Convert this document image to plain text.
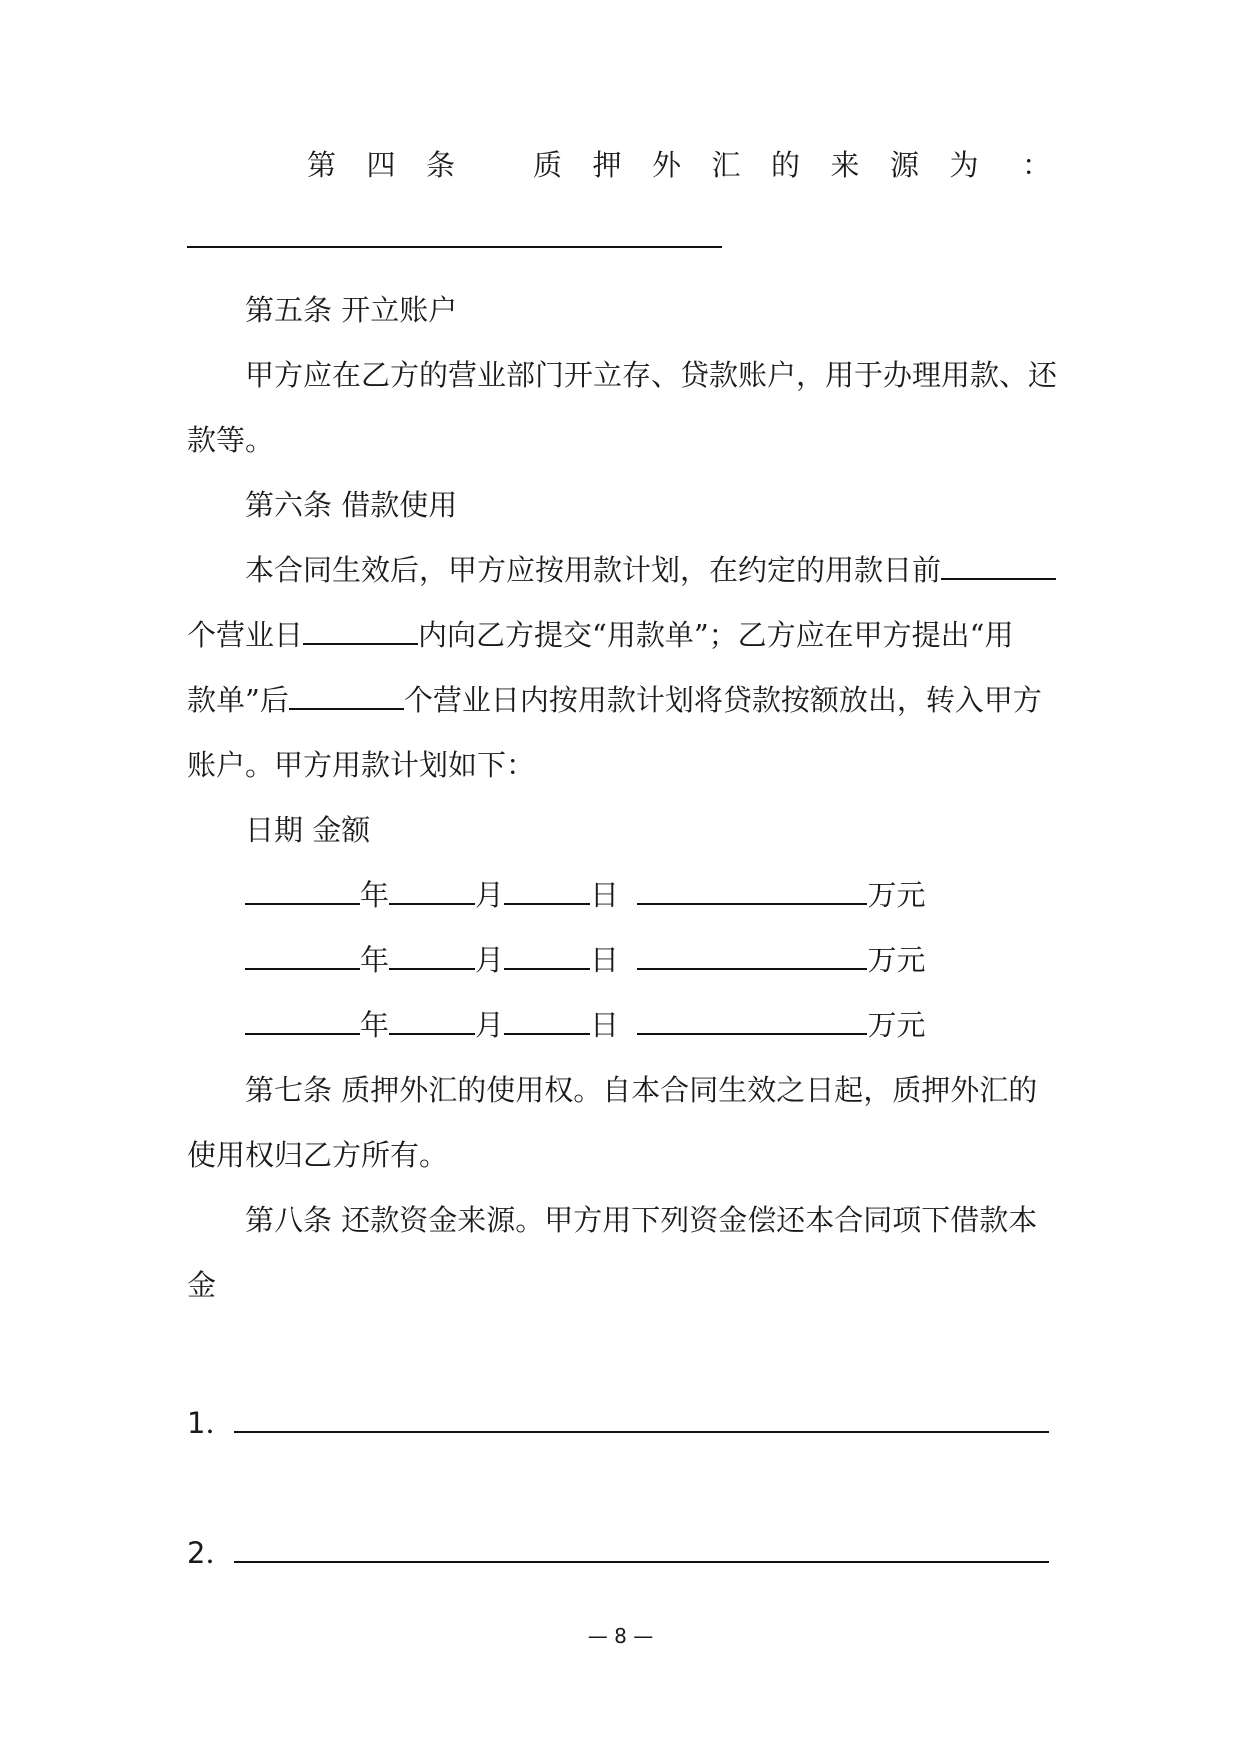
第四条 质押外汇的来源为 ：
第五条 开立账户
甲方应在乙方的营业部门开立存、贷款账户，用于办理用款、还
款等。
第六条 借款使用
本合同生效后，甲方应按用款计划，在约定的用款日前
个营业日	内向乙方提交“用款单”；乙方应在甲方提出“用
款单”后	个营业日内按用款计划将贷款按额放出，转入甲方
账户。甲方用款计划如下：
日期 金额
年	月	日	万元
年	月	日	万元
年	月	日	万元
第七条 质押外汇的使用权。自本合同生效之日起，质押外汇的
使用权归乙方所有。
第八条 还款资金来源。甲方用下列资金偿还本合同项下借款本
金
1．
2．
— 8 —
